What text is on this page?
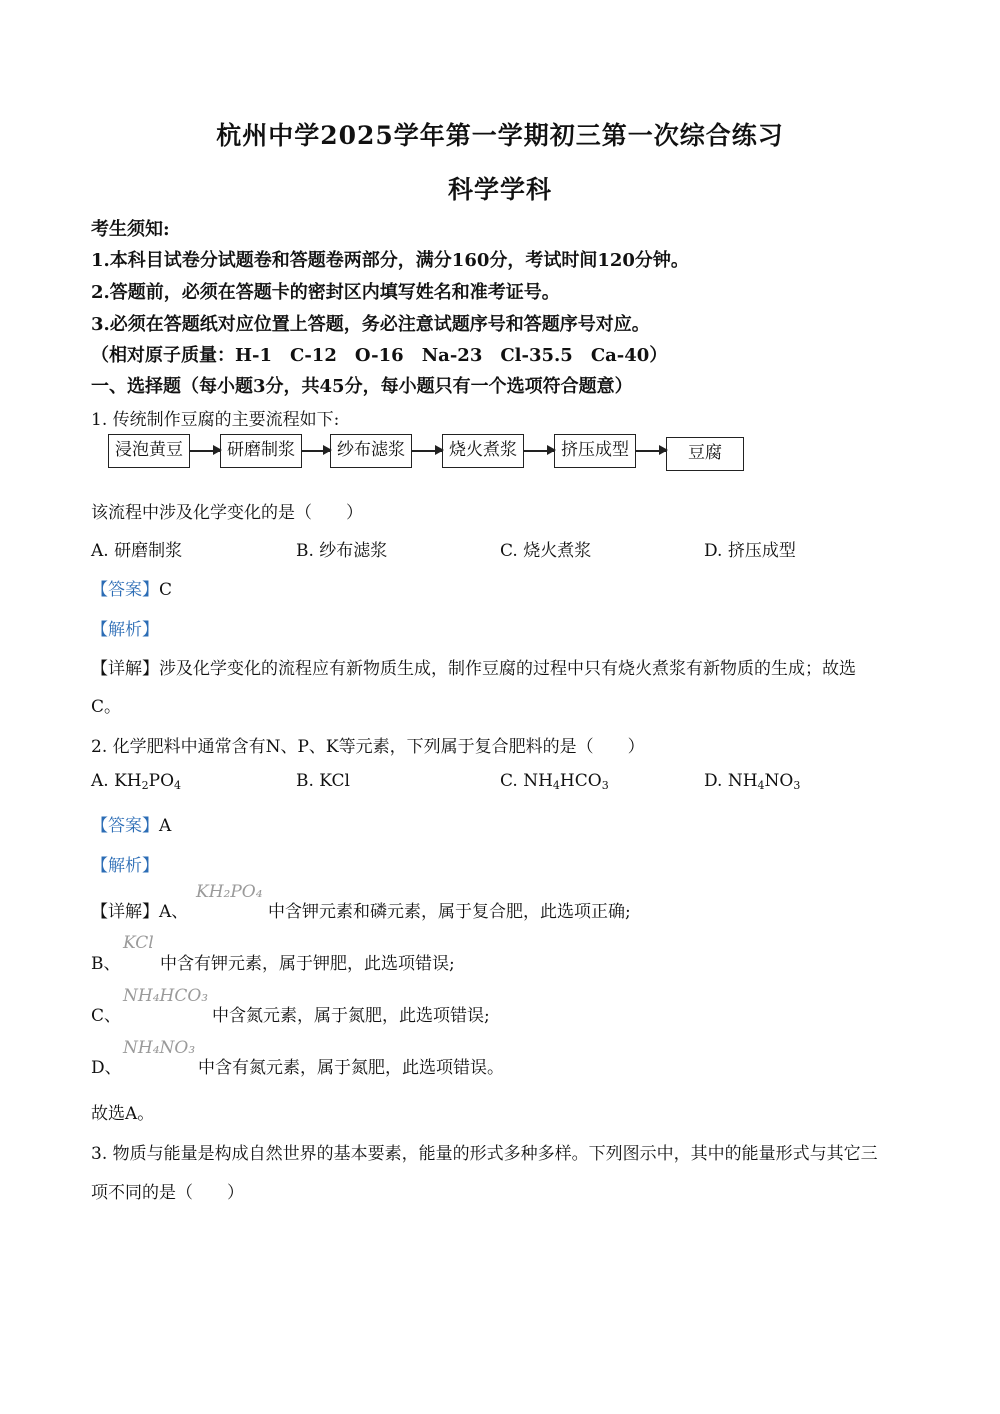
杭州中学2025学年第一学期初三第一次综合练习
科学学科
考生须知:
1.本科目试卷分试题卷和答题卷两部分，满分160分，考试时间120分钟。
2.答题前，必须在答题卡的密封区内填写姓名和准考证号。
3.必须在答题纸对应位置上答题，务必注意试题序号和答题序号对应。
（相对原子质量：H-1　C-12　O-16　Na-23　Cl-35.5　Ca-40）
一、选择题（每小题3分，共45分，每小题只有一个选项符合题意）
1. 传统制作豆腐的主要流程如下:
浸泡黄豆	研磨制浆	纱布滤浆	烧火煮浆	挤压成型	豆腐
该流程中涉及化学变化的是（　　）
A. 研磨制浆	B. 纱布滤浆	C. 烧火煮浆	D. 挤压成型
【答案】C
【解析】
【详解】涉及化学变化的流程应有新物质生成，制作豆腐的过程中只有烧火煮浆有新物质的生成；故选
C。
2. 化学肥料中通常含有N、P、K等元素，下列属于复合肥料的是（　　）
A. $KH_2PO_4$	B. KCl	C. $NH_4HCO_3$	D. $NH_4NO_3$
【答案】A
【解析】
【详解】A、
KH₂PO₄
中含钾元素和磷元素，属于复合肥，此选项正确;
B、
KCl
中含有钾元素，属于钾肥，此选项错误;
C、
NH₄HCO₃
中含氮元素，属于氮肥，此选项错误;
D、
NH₄NO₃
中含有氮元素，属于氮肥，此选项错误。
故选A。
3. 物质与能量是构成自然世界的基本要素，能量的形式多种多样。下列图示中，其中的能量形式与其它三
项不同的是（　　）
